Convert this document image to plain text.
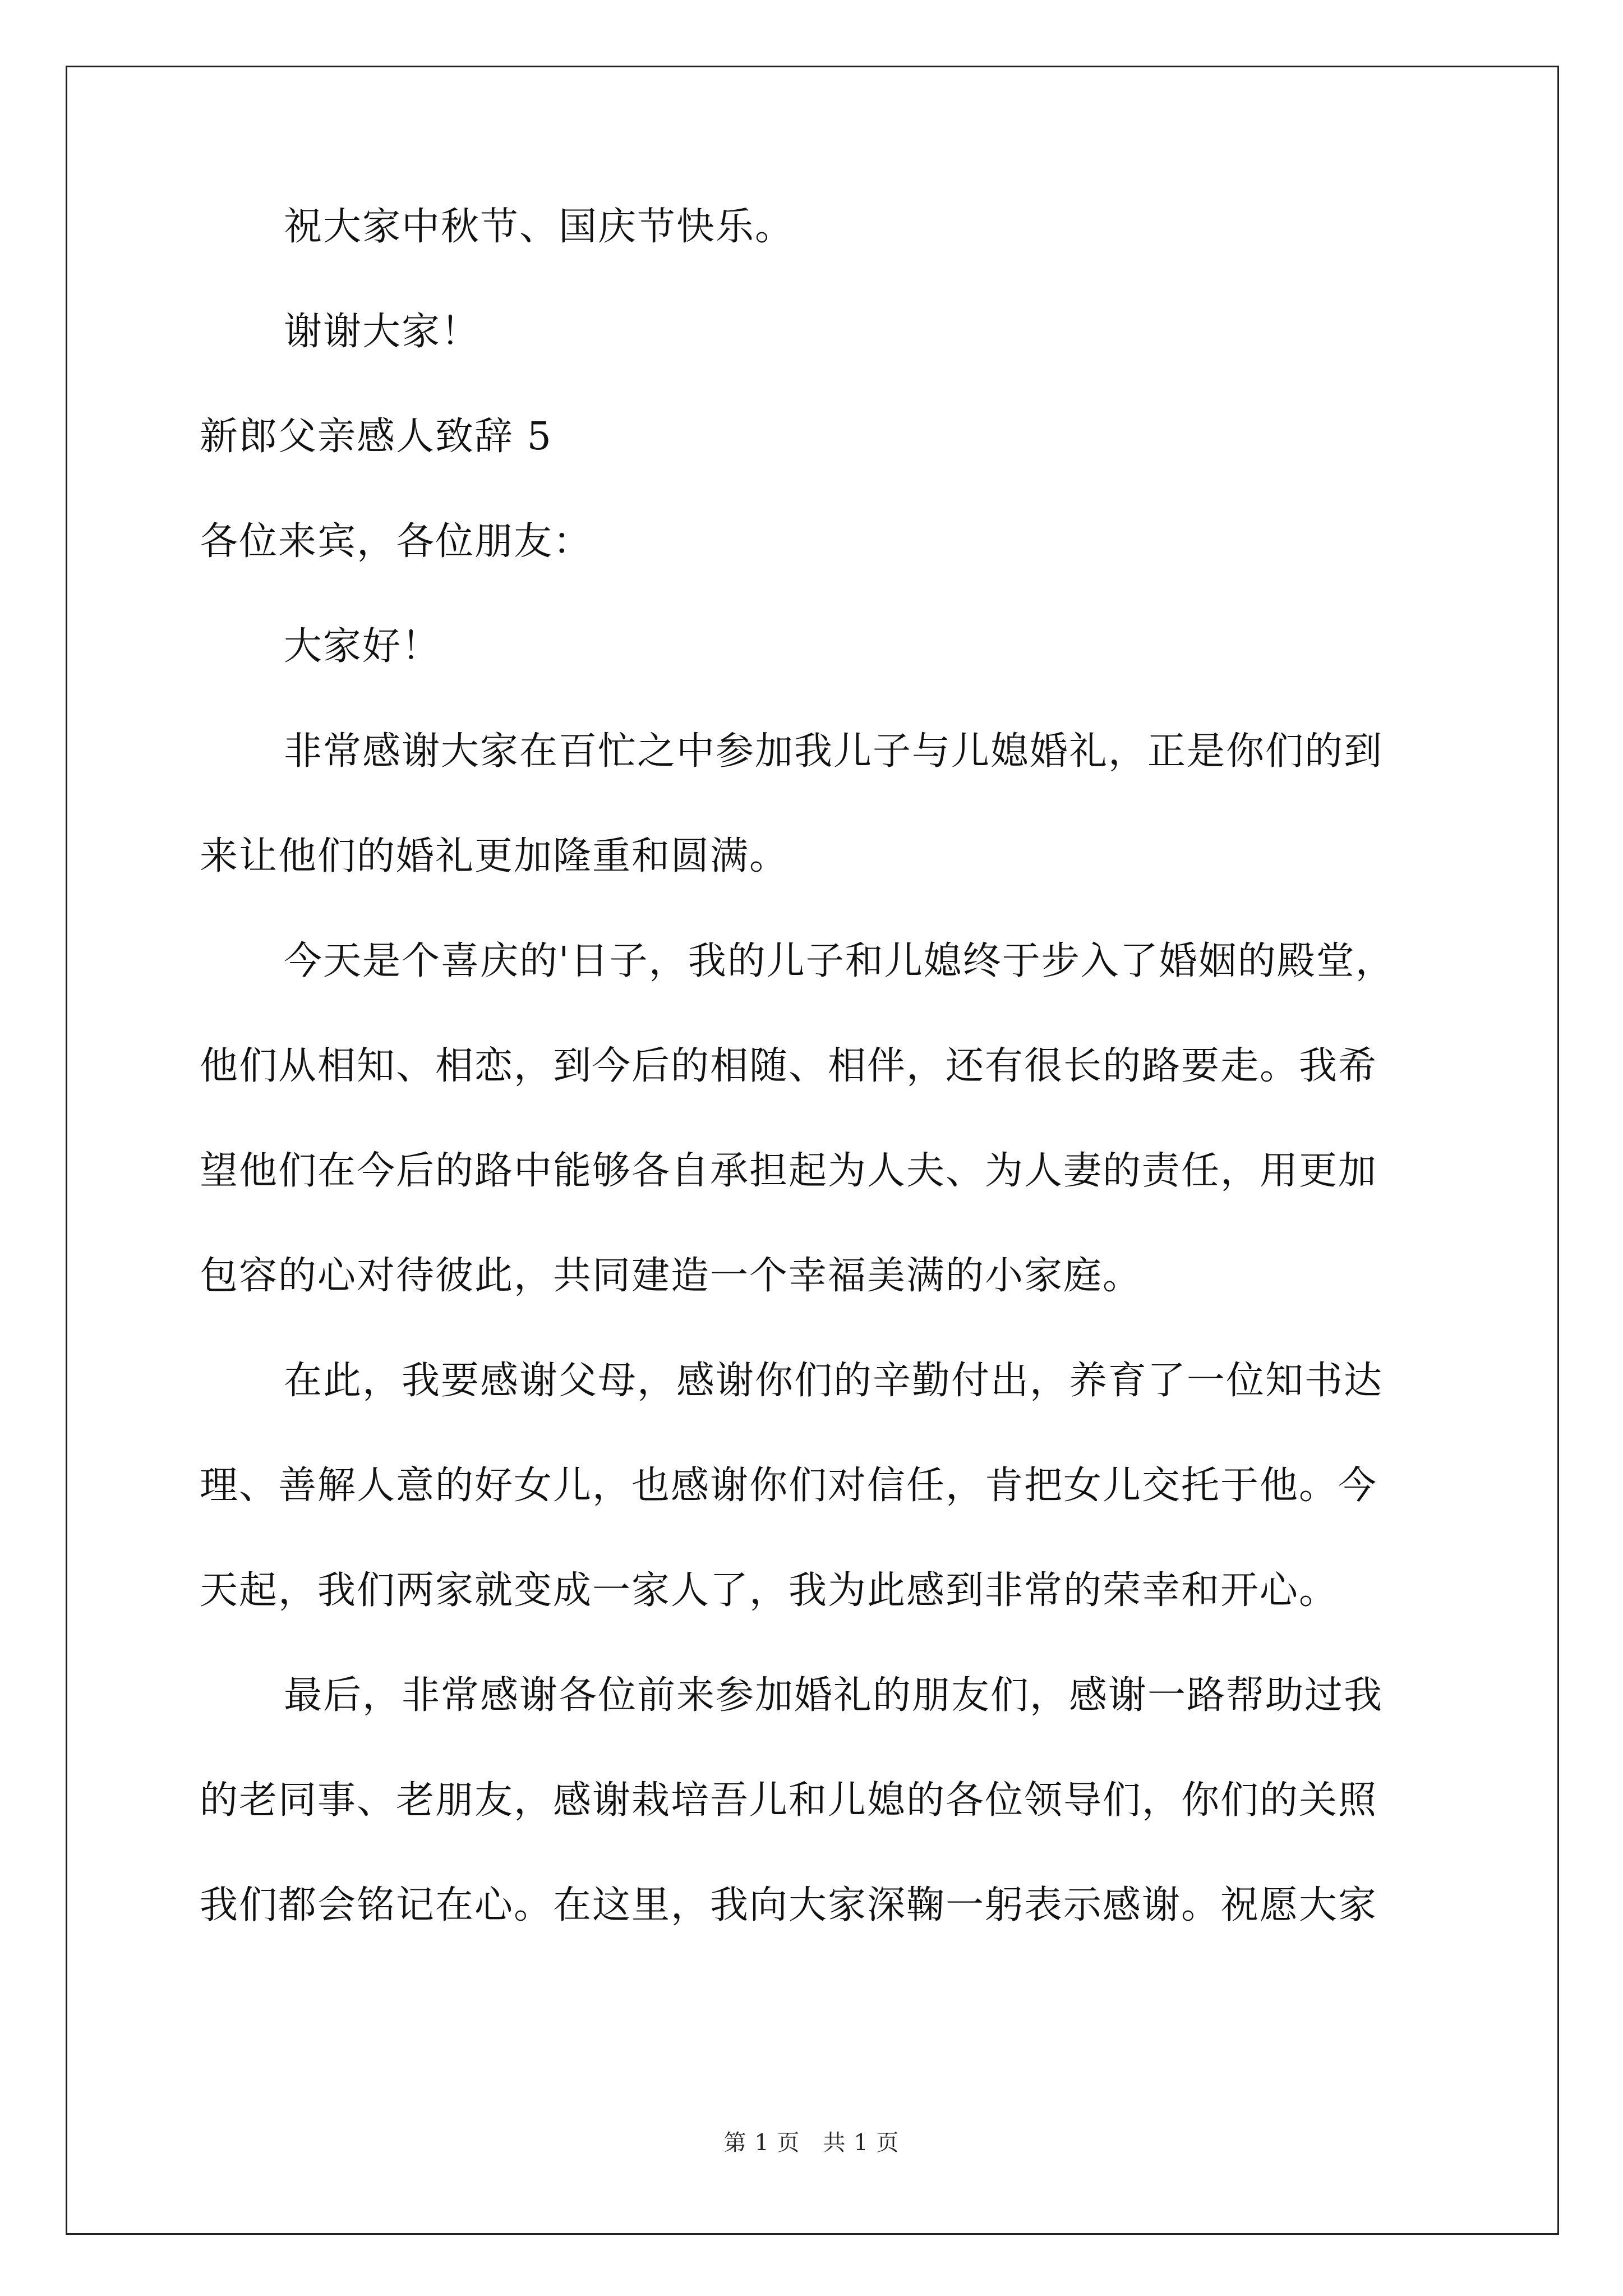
祝大家中秋节、国庆节快乐。
谢谢大家！
新郎父亲感人致辞 5
各位来宾，各位朋友：
大家好！
非常感谢大家在百忙之中参加我儿子与儿媳婚礼，正是你们的到
来让他们的婚礼更加隆重和圆满。
今天是个喜庆的'日子，我的儿子和儿媳终于步入了婚姻的殿堂，
他们从相知、相恋，到今后的相随、相伴，还有很长的路要走。我希
望他们在今后的路中能够各自承担起为人夫、为人妻的责任，用更加
包容的心对待彼此，共同建造一个幸福美满的小家庭。
在此，我要感谢父母，感谢你们的辛勤付出，养育了一位知书达
理、善解人意的好女儿，也感谢你们对信任，肯把女儿交托于他。今
天起，我们两家就变成一家人了，我为此感到非常的荣幸和开心。
最后，非常感谢各位前来参加婚礼的朋友们，感谢一路帮助过我
的老同事、老朋友，感谢栽培吾儿和儿媳的各位领导们，你们的关照
我们都会铭记在心。在这里，我向大家深鞠一躬表示感谢。祝愿大家
第 1 页　共 1 页
